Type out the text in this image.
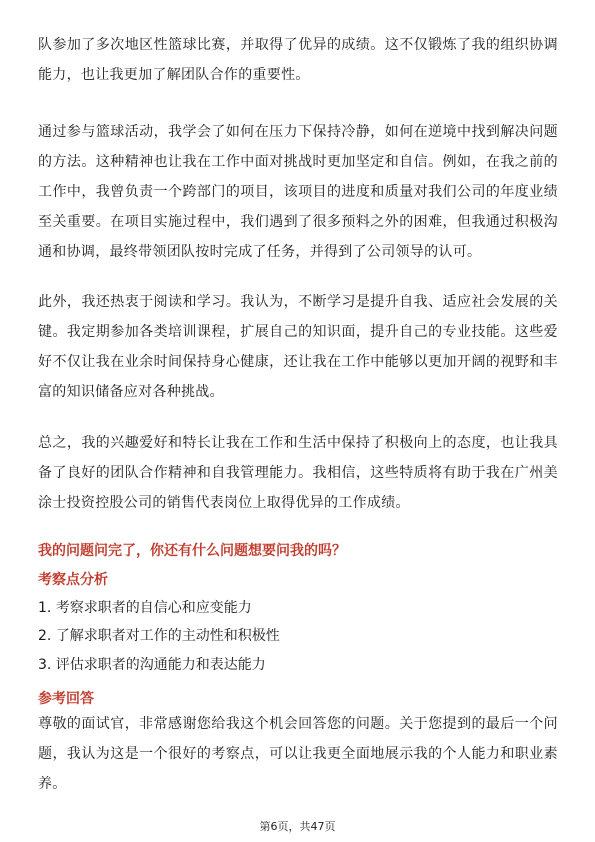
队参加了多次地区性篮球比赛，并取得了优异的成绩。这不仅锻炼了我的组织协调能力，也让我更加了解团队合作的重要性。

通过参与篮球活动，我学会了如何在压力下保持冷静，如何在逆境中找到解决问题的方法。这种精神也让我在工作中面对挑战时更加坚定和自信。例如，在我之前的工作中，我曾负责一个跨部门的项目，该项目的进度和质量对我们公司的年度业绩至关重要。在项目实施过程中，我们遇到了很多预料之外的困难，但我通过积极沟通和协调，最终带领团队按时完成了任务，并得到了公司领导的认可。

此外，我还热衷于阅读和学习。我认为，不断学习是提升自我、适应社会发展的关键。我定期参加各类培训课程，扩展自己的知识面，提升自己的专业技能。这些爱好不仅让我在业余时间保持身心健康，还让我在工作中能够以更加开阔的视野和丰富的知识储备应对各种挑战。

总之，我的兴趣爱好和特长让我在工作和生活中保持了积极向上的态度，也让我具备了良好的团队合作精神和自我管理能力。我相信，这些特质将有助于我在广州美涂士投资控股公司的销售代表岗位上取得优异的工作成绩。

我的问题问完了，你还有什么问题想要问我的吗？

考察点分析

1. 考察求职者的自信心和应变能力

2. 了解求职者对工作的主动性和积极性

3. 评估求职者的沟通能力和表达能力

参考回答

尊敬的面试官，非常感谢您给我这个机会回答您的问题。关于您提到的最后一个问题，我认为这是一个很好的考察点，可以让我更全面地展示我的个人能力和职业素养。

第6页，共47页
